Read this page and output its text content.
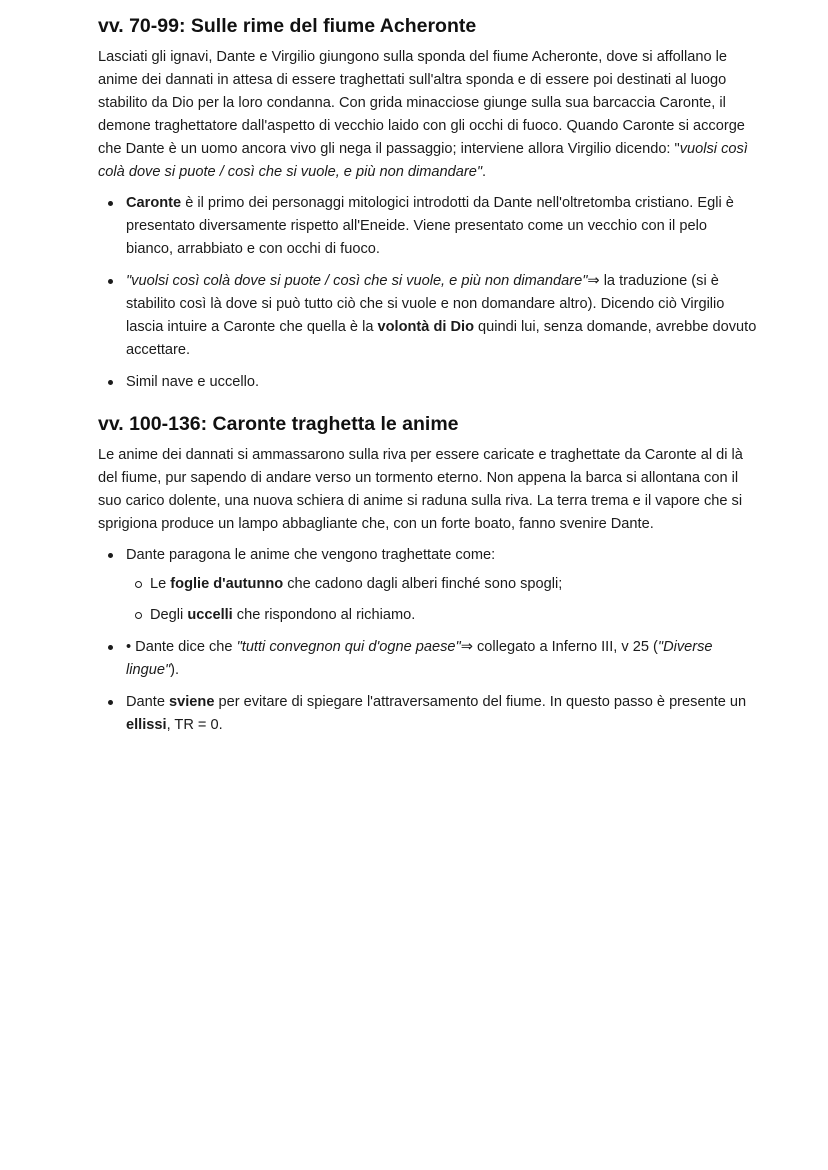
vv. 70-99: Sulle rime del fiume Acheronte

Lasciati gli ignavi, Dante e Virgilio giungono sulla sponda del fiume Acheronte, dove si affollano le anime dei dannati in attesa di essere traghettati sull'altra sponda e di essere poi destinati al luogo stabilito da Dio per la loro condanna. Con grida minacciose giunge sulla sua barcaccia Caronte, il demone traghettatore dall'aspetto di vecchio laido con gli occhi di fuoco. Quando Caronte si accorge che Dante è un uomo ancora vivo gli nega il passaggio; interviene allora Virgilio dicendo: "vuolsi così colà dove si puote / così che si vuole, e più non dimandare".

Caronte è il primo dei personaggi mitologici introdotti da Dante nell'oltretomba cristiano. Egli è presentato diversamente rispetto all'Eneide. Viene presentato come un vecchio con il pelo bianco, arrabbiato e con occhi di fuoco.
"vuolsi così colà dove si puote / così che si vuole, e più non dimandare"⇒ la traduzione (si è stabilito così là dove si può tutto ciò che si vuole e non domandare altro). Dicendo ciò Virgilio lascia intuire a Caronte che quella è la volontà di Dio quindi lui, senza domande, avrebbe dovuto accettare.
Simil nave e uccello.
vv. 100-136: Caronte traghetta le anime

Le anime dei dannati si ammassarono sulla riva per essere caricate e traghettate da Caronte al di là del fiume, pur sapendo di andare verso un tormento eterno. Non appena la barca si allontana con il suo carico dolente, una nuova schiera di anime si raduna sulla riva. La terra trema e il vapore che si sprigiona produce un lampo abbagliante che, con un forte boato, fanno svenire Dante.

Dante paragona le anime che vengono traghettate come:
Le foglie d'autunno che cadono dagli alberi finché sono spogli;
Degli uccelli che rispondono al richiamo.
• Dante dice che "tutti convegnon qui d'ogne paese"⇒ collegato a Inferno III, v 25 ("Diverse lingue").
Dante sviene per evitare di spiegare l'attraversamento del fiume. In questo passo è presente un ellissi, TR = 0.
